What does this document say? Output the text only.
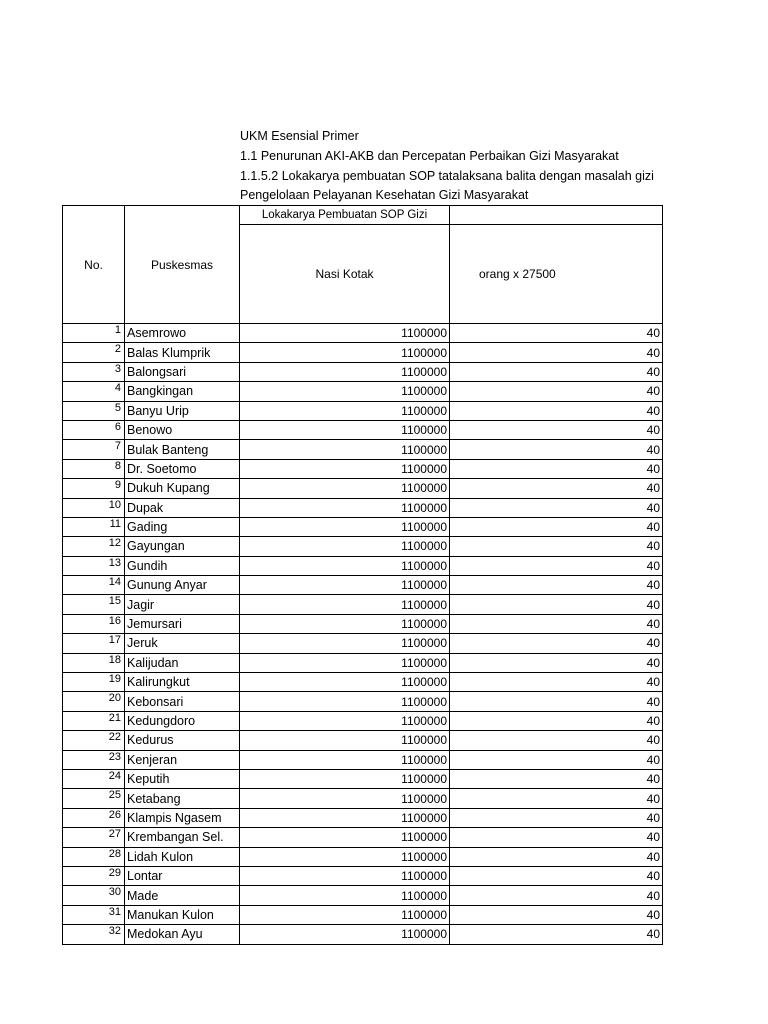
UKM Esensial Primer
1.1 Penurunan AKI-AKB dan Percepatan Perbaikan Gizi Masyarakat
1.1.5.2 Lokakarya pembuatan SOP tatalaksana balita dengan masalah gizi
Pengelolaan Pelayanan Kesehatan Gizi Masyarakat
No.	Puskesmas	Lokakarya Pembuatan SOP Gizi	
		Nasi Kotak	orang x 27500
1	Asemrowo	1100000	40
2	Balas Klumprik	1100000	40
3	Balongsari	1100000	40
4	Bangkingan	1100000	40
5	Banyu Urip	1100000	40
6	Benowo	1100000	40
7	Bulak Banteng	1100000	40
8	Dr. Soetomo	1100000	40
9	Dukuh Kupang	1100000	40
10	Dupak	1100000	40
11	Gading	1100000	40
12	Gayungan	1100000	40
13	Gundih	1100000	40
14	Gunung Anyar	1100000	40
15	Jagir	1100000	40
16	Jemursari	1100000	40
17	Jeruk	1100000	40
18	Kalijudan	1100000	40
19	Kalirungkut	1100000	40
20	Kebonsari	1100000	40
21	Kedungdoro	1100000	40
22	Kedurus	1100000	40
23	Kenjeran	1100000	40
24	Keputih	1100000	40
25	Ketabang	1100000	40
26	Klampis Ngasem	1100000	40
27	Krembangan Sel.	1100000	40
28	Lidah Kulon	1100000	40
29	Lontar	1100000	40
30	Made	1100000	40
31	Manukan Kulon	1100000	40
32	Medokan Ayu	1100000	40
